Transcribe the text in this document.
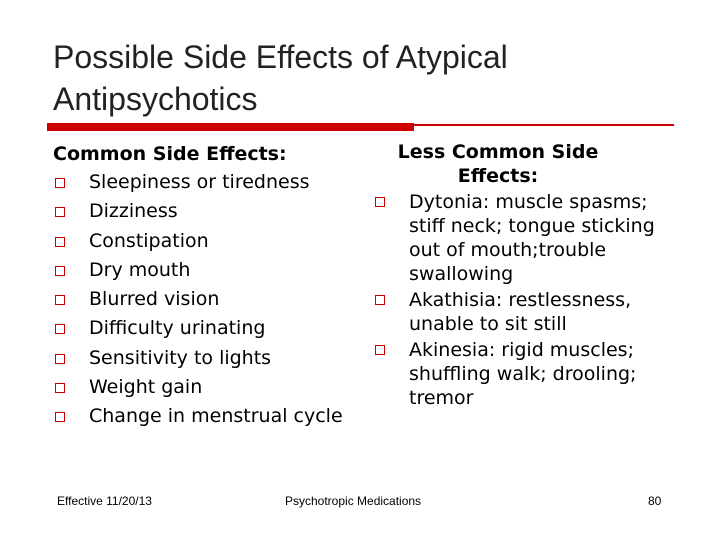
Possible Side Effects of Atypical Antipsychotics
Common Side Effects:
Sleepiness or tiredness
Dizziness
Constipation
Dry mouth
Blurred vision
Difficulty urinating
Sensitivity to lights
Weight gain
Change in menstrual cycle
Less Common Side Effects:
Dytonia: muscle spasms; stiff neck; tongue sticking out of mouth;trouble swallowing
Akathisia: restlessness, unable to sit still
Akinesia: rigid muscles; shuffling walk; drooling; tremor
Effective 11/20/13	Psychotropic Medications	80
